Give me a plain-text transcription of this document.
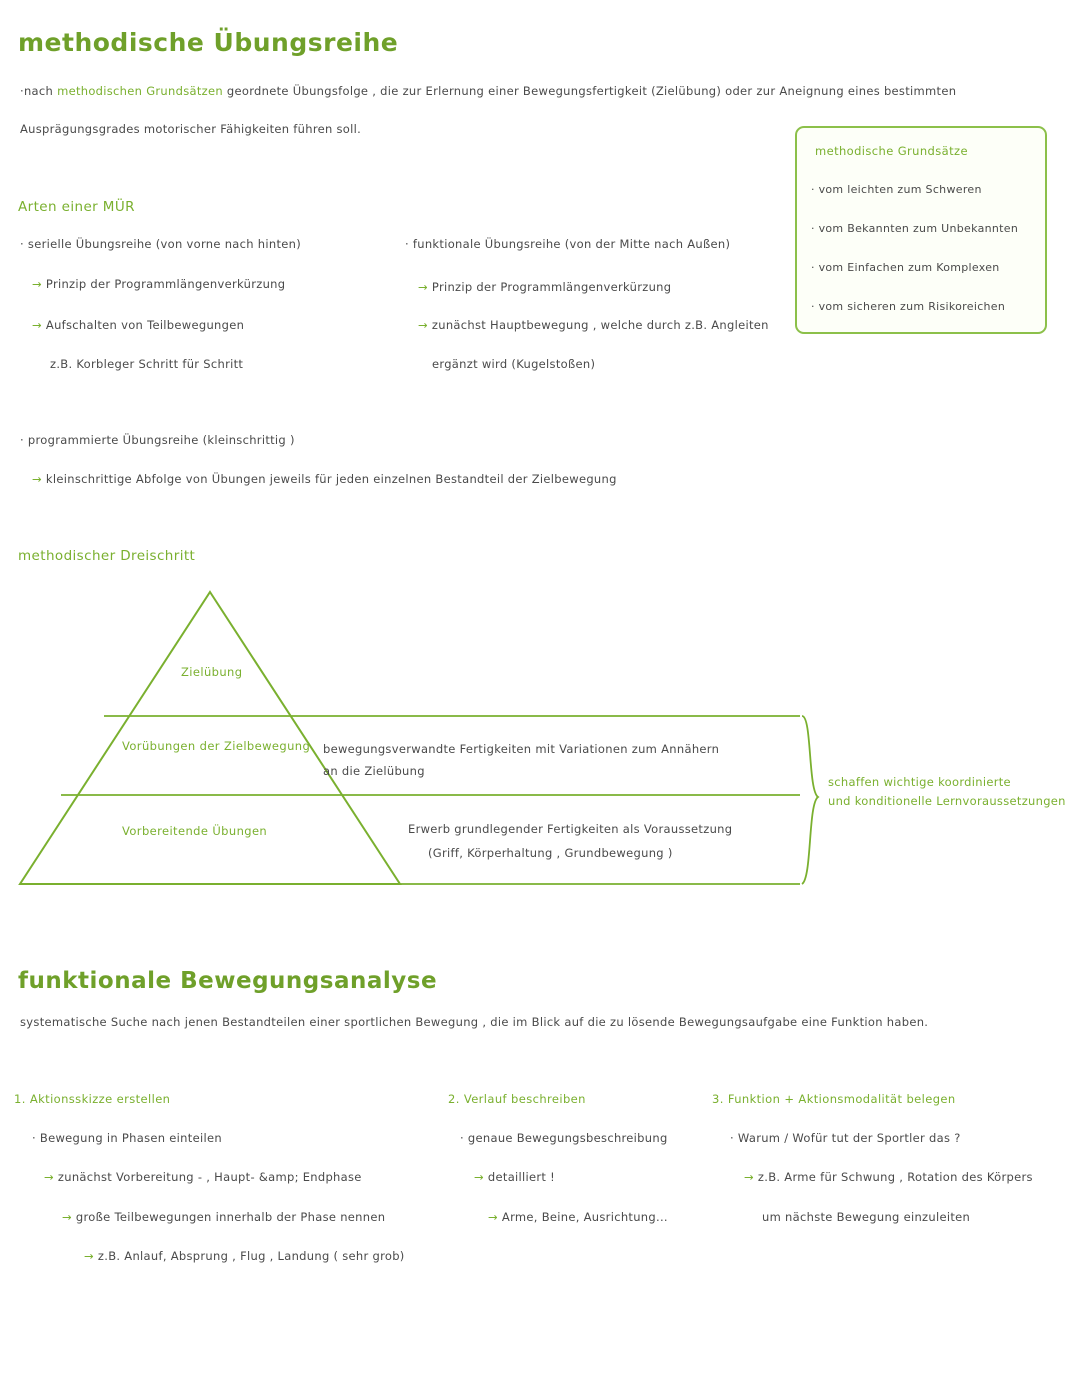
methodische Übungsreihe
·nach methodischen Grundsätzen geordnete Übungsfolge , die zur Erlernung einer Bewegungsfertigkeit (Zielübung) oder zur Aneignung eines bestimmten
Ausprägungsgrades motorischer Fähigkeiten führen soll.
methodische Grundsätze
· vom leichten zum Schweren
· vom Bekannten zum Unbekannten
· vom Einfachen zum Komplexen
· vom sicheren zum Risikoreichen
Arten einer MÜR
· serielle Übungsreihe (von vorne nach hinten)
→ Prinzip der Programmlängenverkürzung
→ Aufschalten von Teilbewegungen
z.B. Korbleger Schritt für Schritt
· funktionale Übungsreihe (von der Mitte nach Außen)
→ Prinzip der Programmlängenverkürzung
→ zunächst Hauptbewegung , welche durch z.B. Angleiten
ergänzt wird (Kugelstoßen)
· programmierte Übungsreihe (kleinschrittig )
→ kleinschrittige Abfolge von Übungen jeweils für jeden einzelnen Bestandteil der Zielbewegung
methodischer Dreischritt
Zielübung
Vorübungen der Zielbewegung
Vorbereitende Übungen
bewegungsverwandte Fertigkeiten mit Variationen zum Annähern
an die Zielübung
Erwerb grundlegender Fertigkeiten als Voraussetzung
(Griff, Körperhaltung , Grundbewegung )
schaffen wichtige koordinierte
und konditionelle Lernvoraussetzungen
funktionale Bewegungsanalyse
systematische Suche nach jenen Bestandteilen einer sportlichen Bewegung , die im Blick auf die zu lösende Bewegungsaufgabe eine Funktion haben.
1. Aktionsskizze erstellen
· Bewegung in Phasen einteilen
→ zunächst Vorbereitung - , Haupt- &amp; Endphase
→ große Teilbewegungen innerhalb der Phase nennen
→ z.B. Anlauf, Absprung , Flug , Landung ( sehr grob)
2. Verlauf beschreiben
· genaue Bewegungsbeschreibung
→ detailliert !
→ Arme, Beine, Ausrichtung...
3. Funktion + Aktionsmodalität belegen
· Warum / Wofür tut der Sportler das ?
→ z.B. Arme für Schwung , Rotation des Körpers
um nächste Bewegung einzuleiten
